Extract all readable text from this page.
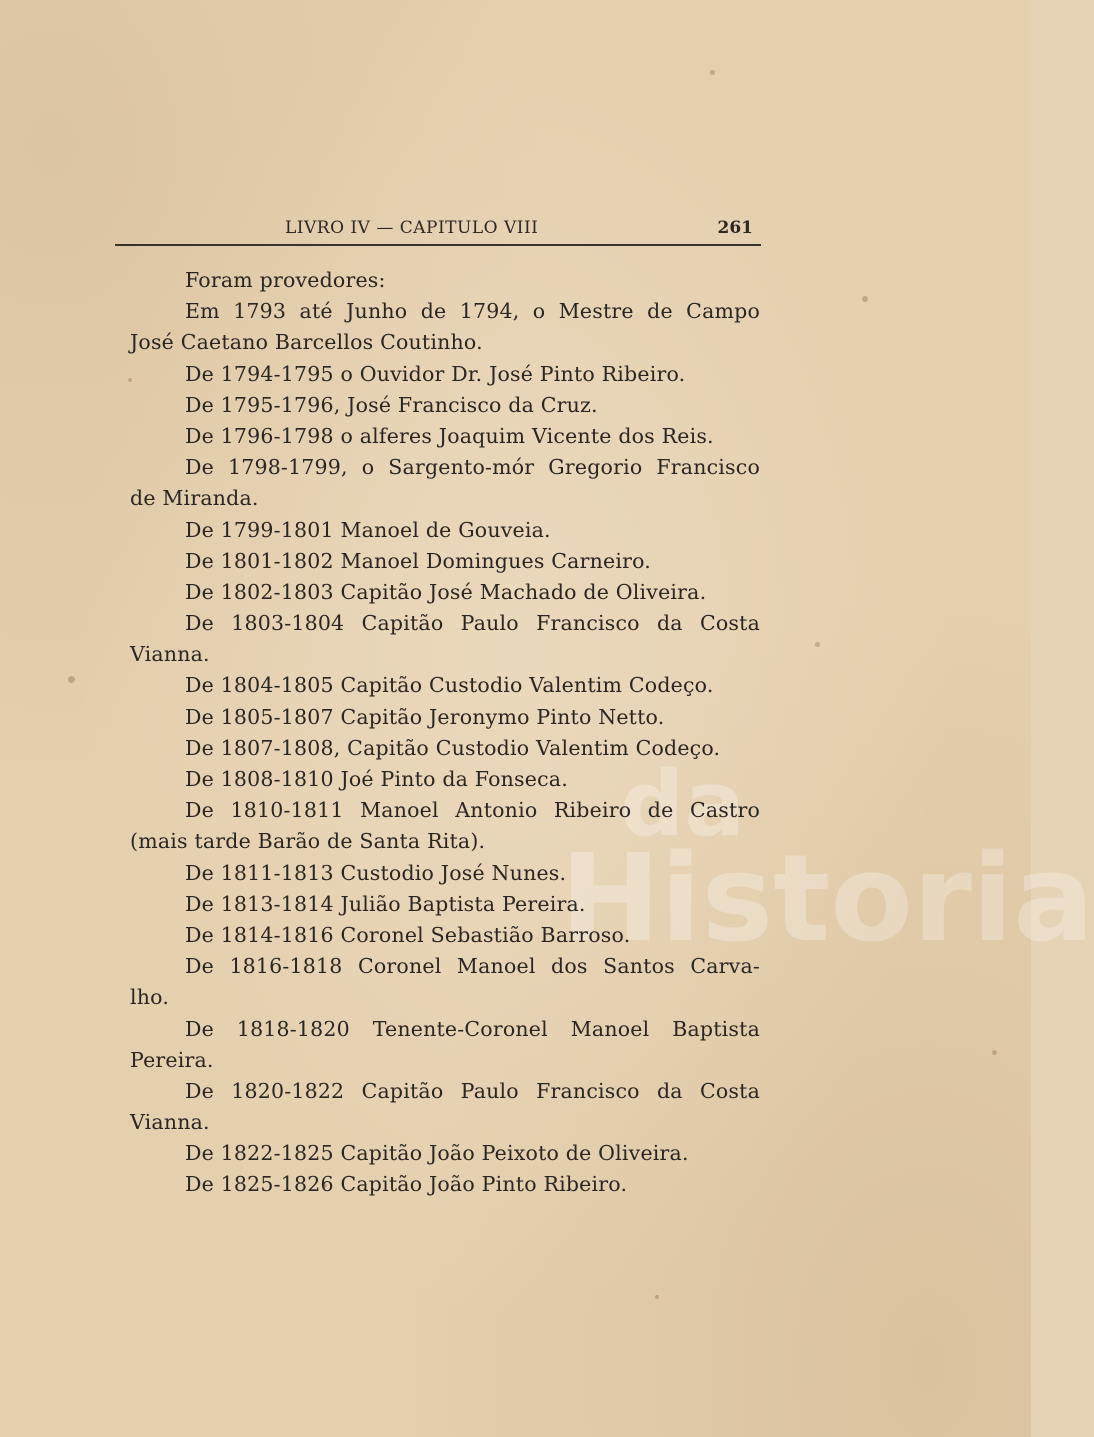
da
Historia
LIVRO IV — CAPITULO VIII	261
Foram provedores:
Em 1793 até Junho de 1794, o Mestre de Campo
José Caetano Barcellos Coutinho.
De 1794-1795 o Ouvidor Dr. José Pinto Ribeiro.
De 1795-1796, José Francisco da Cruz.
De 1796-1798 o alferes Joaquim Vicente dos Reis.
De 1798-1799, o Sargento-mór Gregorio Francisco
de Miranda.
De 1799-1801 Manoel de Gouveia.
De 1801-1802 Manoel Domingues Carneiro.
De 1802-1803 Capitão José Machado de Oliveira.
De 1803-1804 Capitão Paulo Francisco da Costa
Vianna.
De 1804-1805 Capitão Custodio Valentim Codeço.
De 1805-1807 Capitão Jeronymo Pinto Netto.
De 1807-1808, Capitão Custodio Valentim Codeço.
De 1808-1810 Joé Pinto da Fonseca.
De 1810-1811 Manoel Antonio Ribeiro de Castro
(mais tarde Barão de Santa Rita).
De 1811-1813 Custodio José Nunes.
De 1813-1814 Julião Baptista Pereira.
De 1814-1816 Coronel Sebastião Barroso.
De 1816-1818 Coronel Manoel dos Santos Carva-
lho.
De 1818-1820 Tenente-Coronel Manoel Baptista
Pereira.
De 1820-1822 Capitão Paulo Francisco da Costa
Vianna.
De 1822-1825 Capitão João Peixoto de Oliveira.
De 1825-1826 Capitão João Pinto Ribeiro.
